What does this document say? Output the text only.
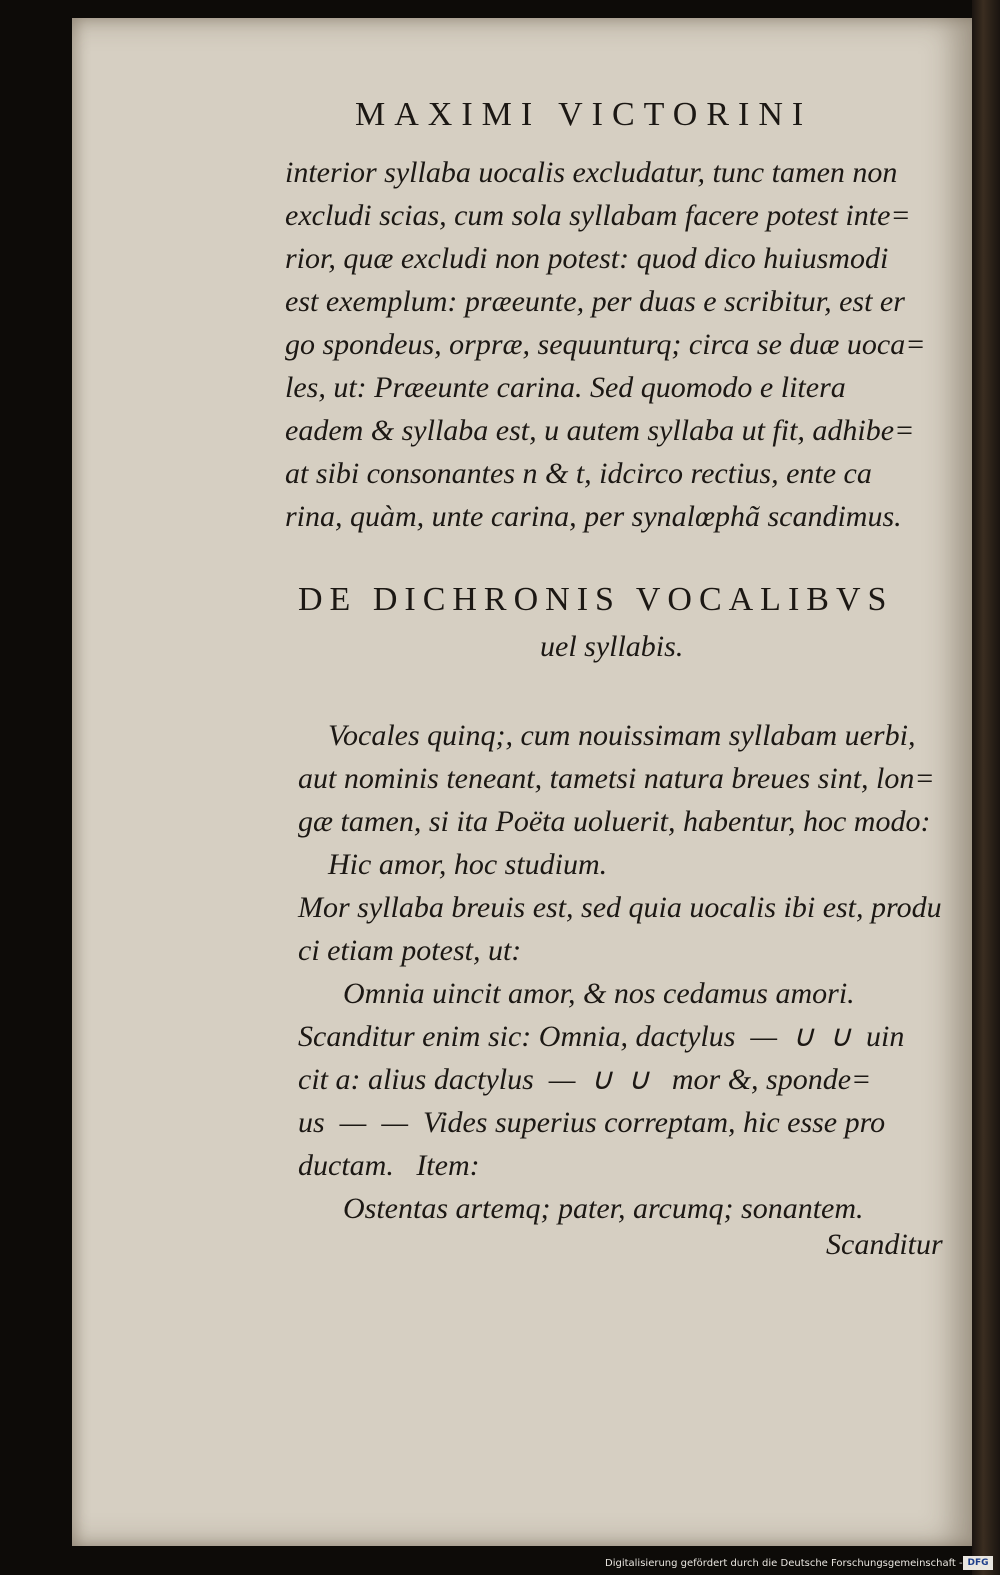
MAXIMI VICTORINI
interior syllaba uocalis excludatur, tunc tamen non
excludi scias, cum sola syllabam facere potest inte=
rior, quæ excludi non potest: quod dico huiusmodi
est exemplum: præeunte, per duas e scribitur, est er
go spondeus, orpræ, sequunturq; circa se duæ uoca=
les, ut: Præeunte carina. Sed quomodo e litera
eadem & syllaba est, u autem syllaba ut fit, adhibe=
at sibi consonantes n & t, idcirco rectius, ente ca
rina, quàm, unte carina, per synalœphã scandimus.
DE DICHRONIS VOCALIBVS
uel syllabis.
Vocales quinq;, cum nouissimam syllabam uerbi,
aut nominis teneant, tametsi natura breues sint, lon=
gæ tamen, si ita Poëta uoluerit, habentur, hoc modo:
Hic amor, hoc studium.
Mor syllaba breuis est, sed quia uocalis ibi est, produ
ci etiam potest, ut:
Omnia uincit amor, & nos cedamus amori.
Scanditur enim sic: Omnia, dactylus  —  ∪  ∪  uin
cit a: alius dactylus  —  ∪  ∪   mor &, sponde=
us  —  —  Vides superius correptam, hic esse pro
ductam.   Item:
Ostentas artemq; pater, arcumq; sonantem.
Scanditur
Digitalisierung gefördert durch die Deutsche Forschungsgemeinschaft - DFG
